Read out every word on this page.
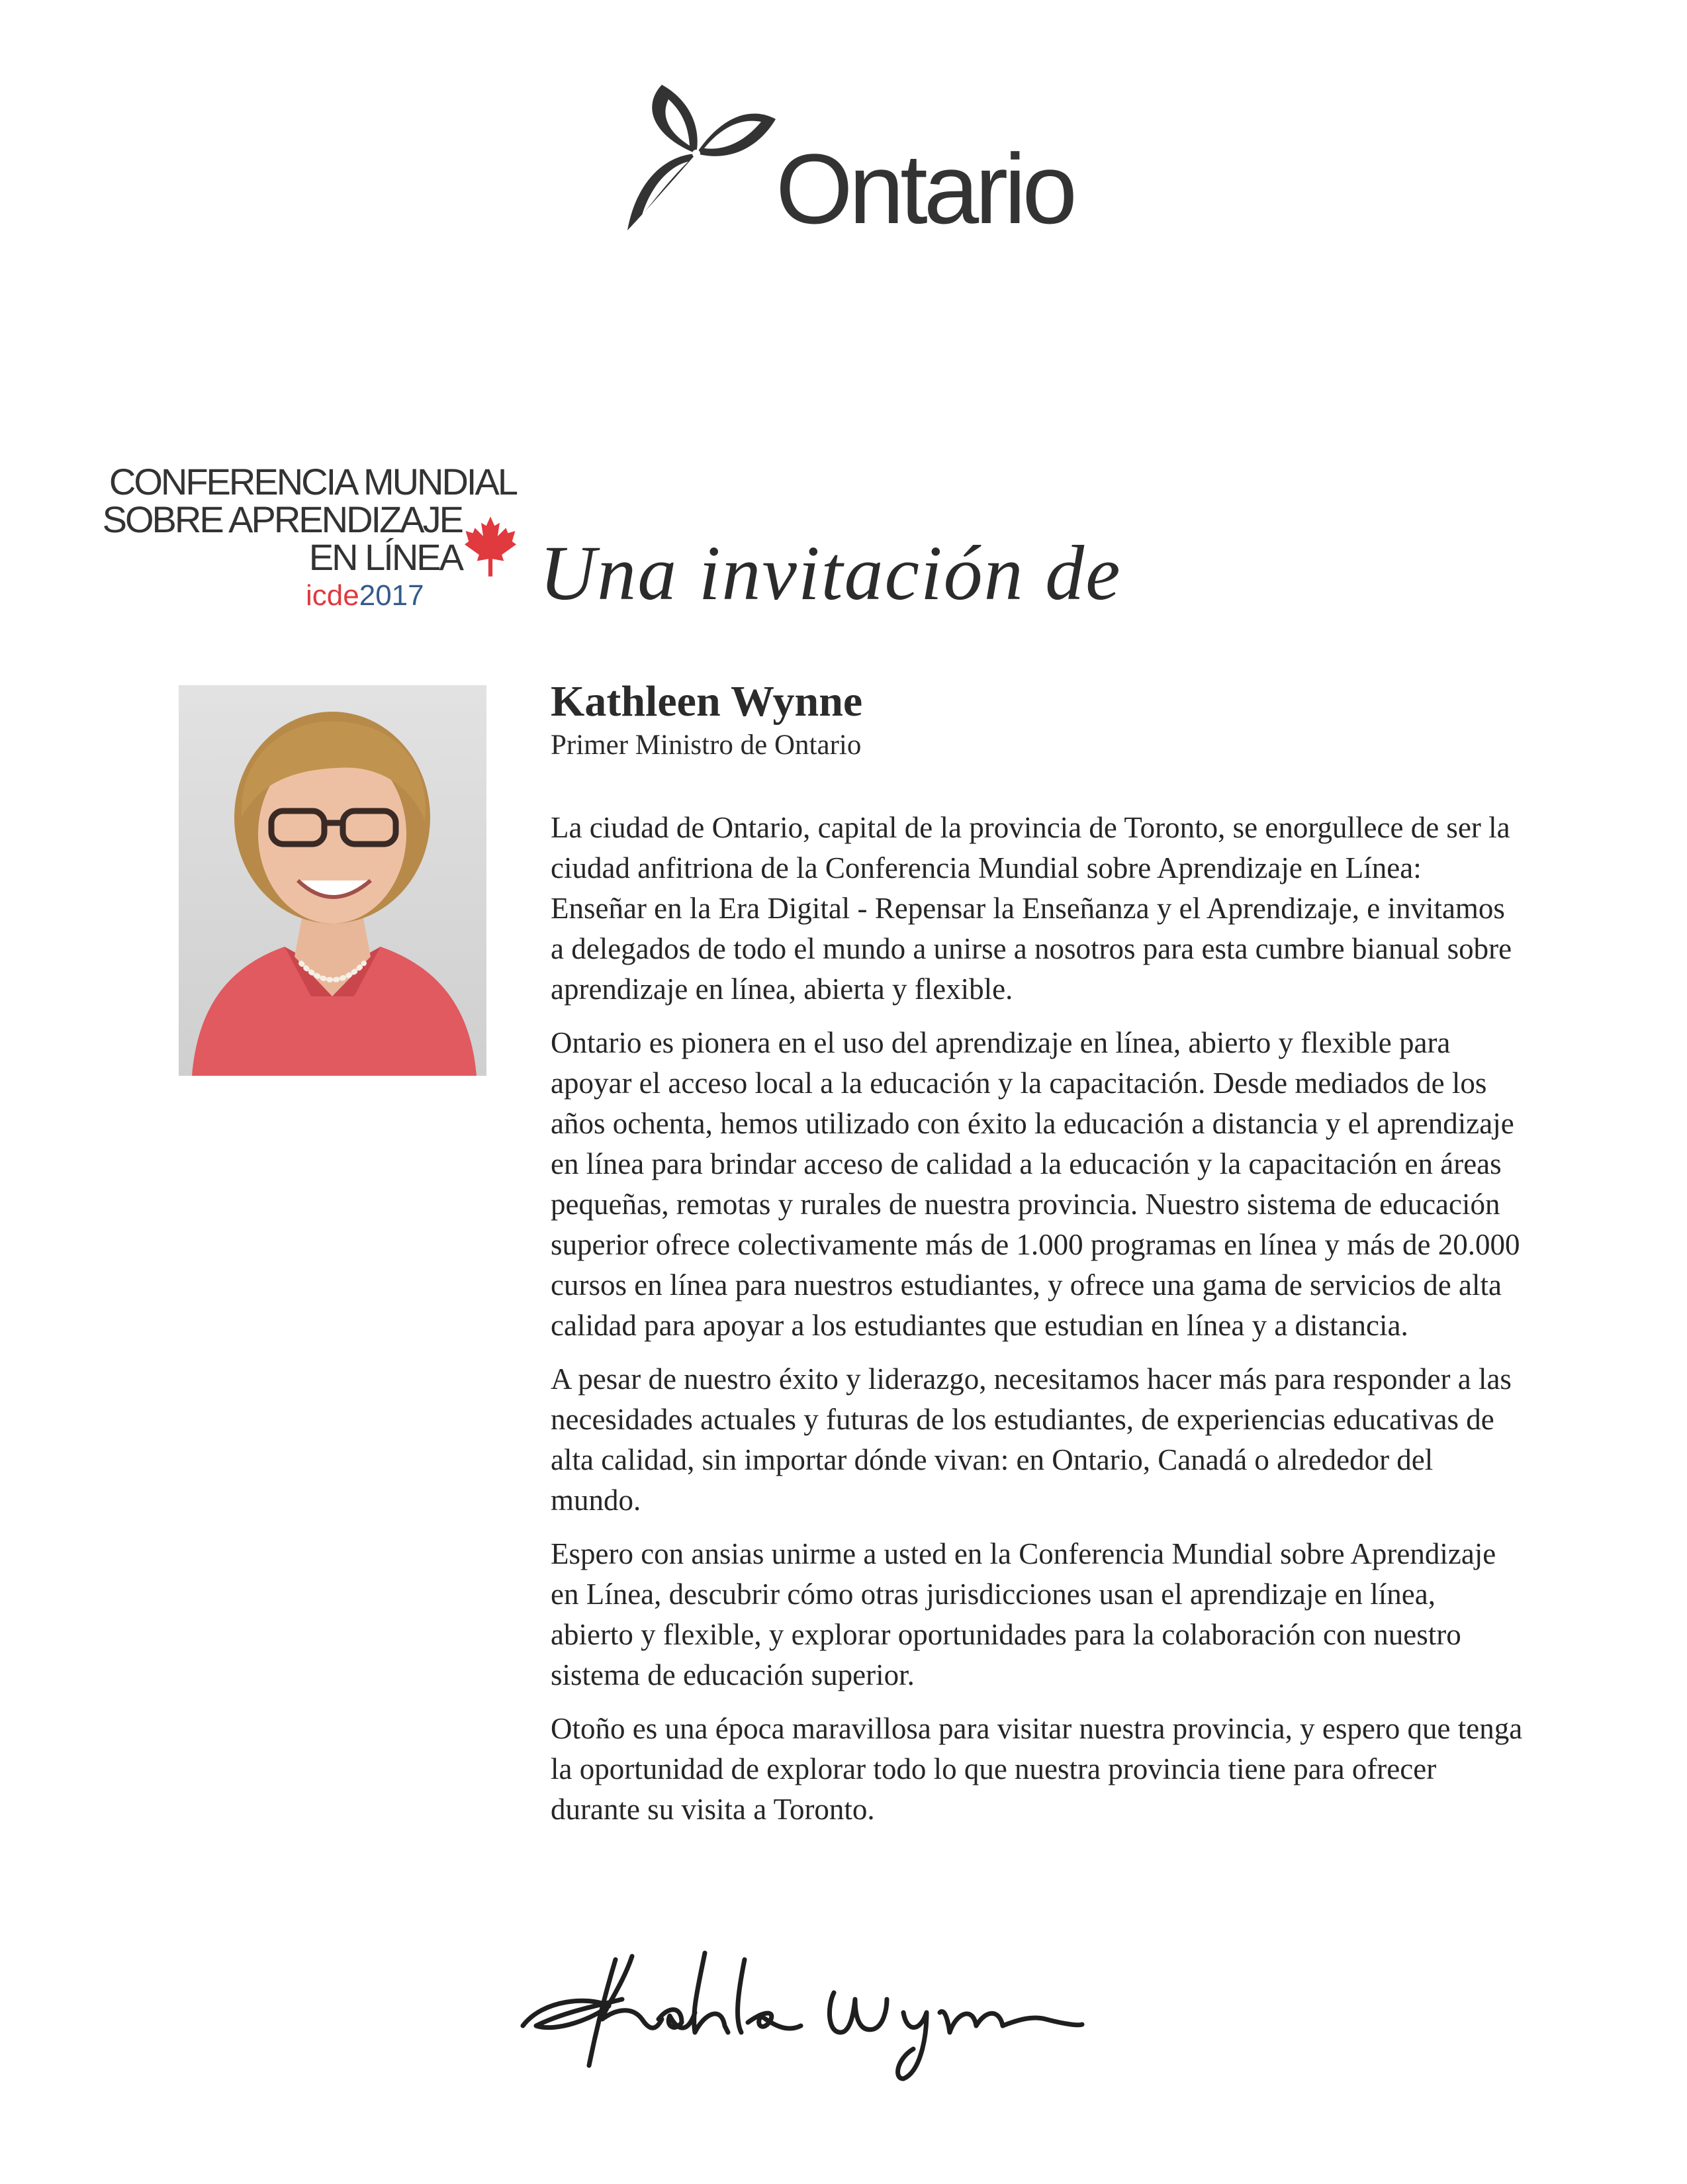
Ontario
CONFERENCIA MUNDIAL
SOBRE APRENDIZAJE
EN LÍNEA
icde2017 Una invitación de
Kathleen Wynne
Primer Ministro de Ontario

La ciudad de Ontario, capital de la provincia de Toronto, se enorgullece de ser la ciudad anfitriona de la Conferencia Mundial sobre Aprendizaje en Línea: Enseñar en la Era Digital - Repensar la Enseñanza y el Aprendizaje, e invitamos a delegados de todo el mundo a unirse a nosotros para esta cumbre bianual sobre aprendizaje en línea, abierta y flexible.

Ontario es pionera en el uso del aprendizaje en línea, abierto y flexible para apoyar el acceso local a la educación y la capacitación. Desde mediados de los años ochenta, hemos utilizado con éxito la educación a distancia y el aprendizaje en línea para brindar acceso de calidad a la educación y la capacitación en áreas pequeñas, remotas y rurales de nuestra provincia. Nuestro sistema de educación superior ofrece colectivamente más de 1.000 programas en línea y más de 20.000 cursos en línea para nuestros estudiantes, y ofrece una gama de servicios de alta calidad para apoyar a los estudiantes que estudian en línea y a distancia.

A pesar de nuestro éxito y liderazgo, necesitamos hacer más para responder a las necesidades actuales y futuras de los estudiantes, de experiencias educativas de alta calidad, sin importar dónde vivan: en Ontario, Canadá o alrededor del mundo.

Espero con ansias unirme a usted en la Conferencia Mundial sobre Aprendizaje en Línea, descubrir cómo otras jurisdicciones usan el aprendizaje en línea, abierto y flexible, y explorar oportunidades para la colaboración con nuestro sistema de educación superior.

Otoño es una época maravillosa para visitar nuestra provincia, y espero que tenga la oportunidad de explorar todo lo que nuestra provincia tiene para ofrecer durante su visita a Toronto.
